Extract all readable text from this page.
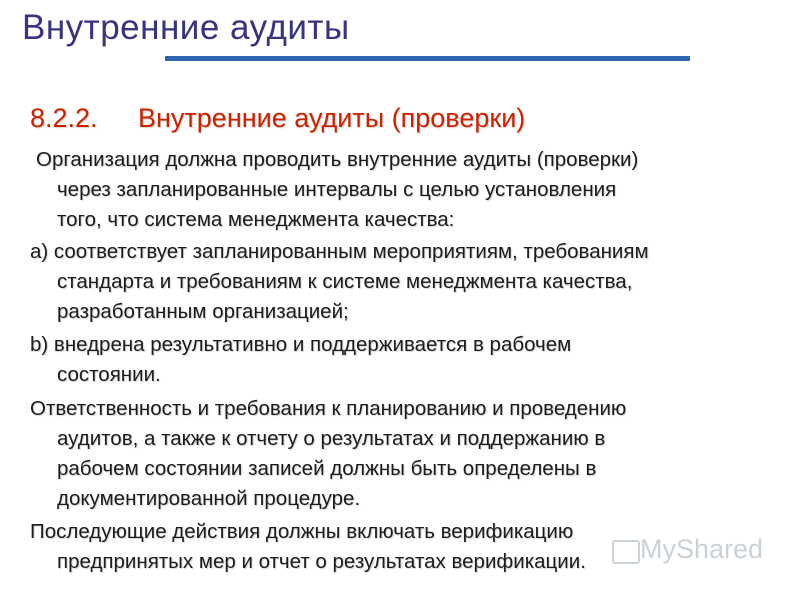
Внутренние аудиты
8.2.2. Внутренние аудиты (проверки)
Организация должна проводить внутренние аудиты (проверки)
через запланированные интервалы с целью установления
того, что система менеджмента качества:
а) соответствует запланированным мероприятиям, требованиям
стандарта и требованиям к системе менеджмента качества,
разработанным организацией;
b) внедрена результативно и поддерживается в рабочем
состоянии.
Ответственность и требования к планированию и проведению
аудитов, а также к отчету о результатах и поддержанию в
рабочем состоянии записей должны быть определены в
документированной процедуре.
Последующие действия должны включать верификацию
предпринятых мер и отчет о результатах верификации. MyShared
